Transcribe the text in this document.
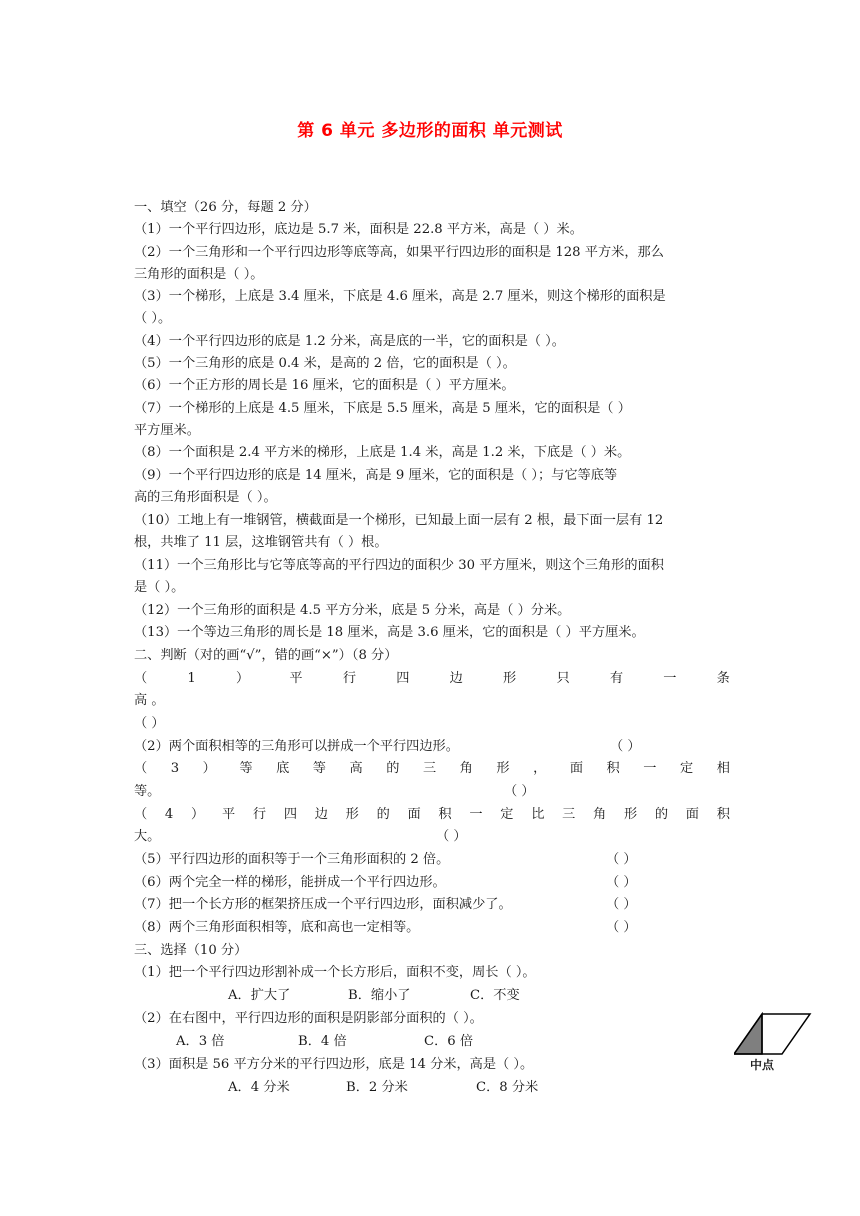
第 6 单元 多边形的面积 单元测试
一、填空（26 分，每题 2 分）
（1）一个平行四边形，底边是 5.7 米，面积是 22.8 平方米，高是（ ）米。
（2）一个三角形和一个平行四边形等底等高，如果平行四边形的面积是 128 平方米，那么
三角形的面积是（ ）。
（3）一个梯形，上底是 3.4 厘米，下底是 4.6 厘米，高是 2.7 厘米，则这个梯形的面积是
（ ）。
（4）一个平行四边形的底是 1.2 分米，高是底的一半，它的面积是（ ）。
（5）一个三角形的底是 0.4 米，是高的 2 倍，它的面积是（ ）。
（6）一个正方形的周长是 16 厘米，它的面积是（ ）平方厘米。
（7）一个梯形的上底是 4.5 厘米，下底是 5.5 厘米，高是 5 厘米，它的面积是（ ）
平方厘米。
（8）一个面积是 2.4 平方米的梯形，上底是 1.4 米，高是 1.2 米，下底是（ ）米。
（9）一个平行四边形的底是 14 厘米，高是 9 厘米，它的面积是（ ）；与它等底等
高的三角形面积是（ ）。
（10）工地上有一堆钢管，横截面是一个梯形，已知最上面一层有 2 根，最下面一层有 12
根，共堆了 11 层，这堆钢管共有（ ）根。
（11）一个三角形比与它等底等高的平行四边的面积少 30 平方厘米，则这个三角形的面积
是（ ）。
（12）一个三角形的面积是 4.5 平方分米，底是 5 分米，高是（ ）分米。
（13）一个等边三角形的周长是 18 厘米，高是 3.6 厘米，它的面积是（ ）平方厘米。
二、判断（对的画“√”，错的画“×”）（8 分）
（	1	）	平	行	四	边	形	只	有	一	条
高 。
（ ）
（2）两个面积相等的三角形可以拼成一个平行四边形。	（ ）
（ 3 ） 等 底 等 高 的 三 角 形 ， 面 积 一 定 相
等。	（ ）
（ 4 ） 平 行 四 边 形 的 面 积 一 定 比 三 角 形 的 面 积
大。	（ ）
（5）平行四边形的面积等于一个三角形面积的 2 倍。	（ ）
（6）两个完全一样的梯形，能拼成一个平行四边形。	（ ）
（7）把一个长方形的框架挤压成一个平行四边形，面积减少了。	（ ）
（8）两个三角形面积相等，底和高也一定相等。	（ ）
三、选择（10 分）
（1）把一个平行四边形割补成一个长方形后，面积不变，周长（ ）。
A．扩大了	B．缩小了	C．不变
（2）在右图中，平行四边形的面积是阴影部分面积的（ ）。
A．3 倍	B．4 倍	C．6 倍
（3）面积是 56 平方分米的平行四边形，底是 14 分米，高是（ ）。
A．4 分米	B．2 分米	C．8 分米
中点
